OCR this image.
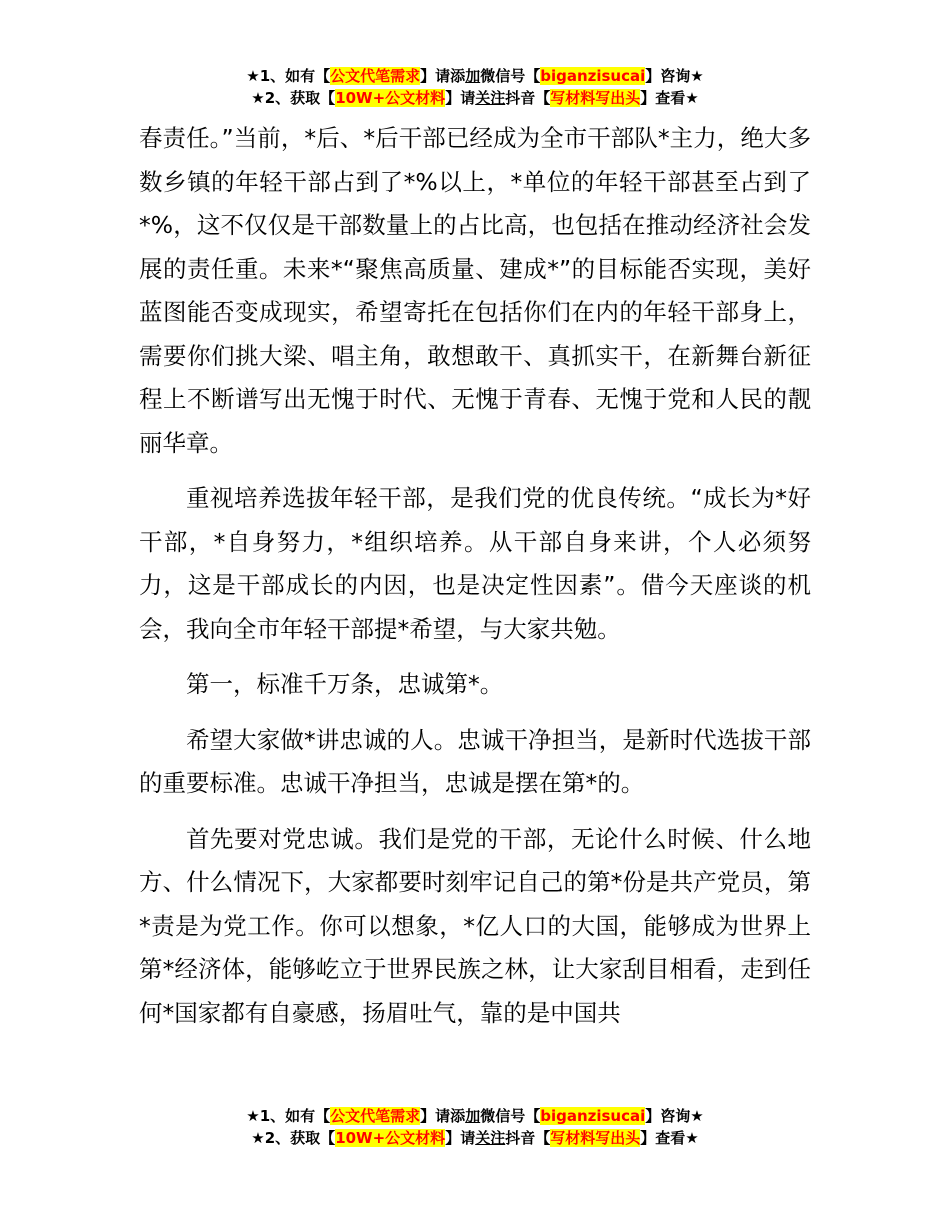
★1、如有【公文代笔需求】请添加微信号【biganzisucai】咨询★
★2、获取【10W+公文材料】请关注抖音【写材料写出头】查看★

春责任。”当前，*后、*后干部已经成为全市干部队*主力，绝大多数乡镇的年轻干部占到了*%以上，*单位的年轻干部甚至占到了*%，这不仅仅是干部数量上的占比高，也包括在推动经济社会发展的责任重。未来*“聚焦高质量、建成*”的目标能否实现，美好蓝图能否变成现实，希望寄托在包括你们在内的年轻干部身上，需要你们挑大梁、唱主角，敢想敢干、真抓实干，在新舞台新征程上不断谱写出无愧于时代、无愧于青春、无愧于党和人民的靓丽华章。

重视培养选拔年轻干部，是我们党的优良传统。“成长为*好干部，*自身努力，*组织培养。从干部自身来讲，个人必须努力，这是干部成长的内因，也是决定性因素”。借今天座谈的机会，我向全市年轻干部提*希望，与大家共勉。

第一，标准千万条，忠诚第*。

希望大家做*讲忠诚的人。忠诚干净担当，是新时代选拔干部的重要标准。忠诚干净担当，忠诚是摆在第*的。

首先要对党忠诚。我们是党的干部，无论什么时候、什么地方、什么情况下，大家都要时刻牢记自己的第*份是共产党员，第*责是为党工作。你可以想象，*亿人口的大国，能够成为世界上第*经济体，能够屹立于世界民族之林，让大家刮目相看，走到任何*国家都有自豪感，扬眉吐气，靠的是中国共

★1、如有【公文代笔需求】请添加微信号【biganzisucai】咨询★
★2、获取【10W+公文材料】请关注抖音【写材料写出头】查看★
